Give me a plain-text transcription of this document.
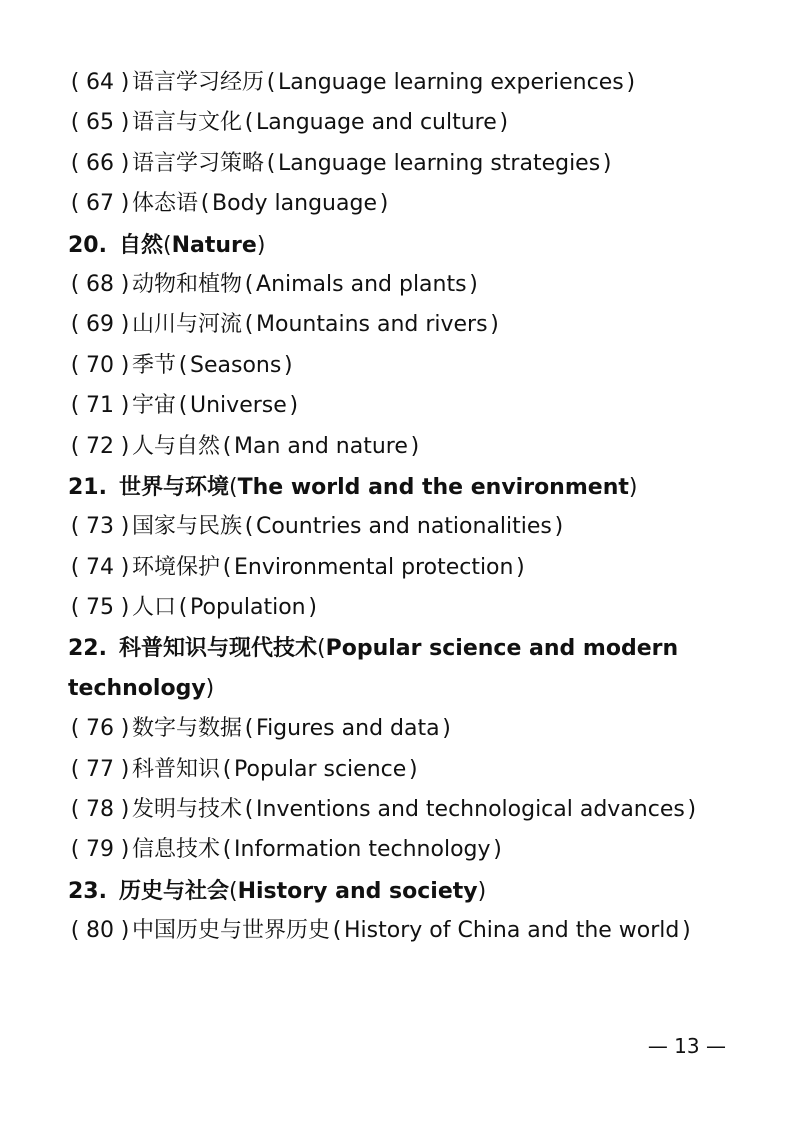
( 64 ) 语言学习经历 ( Language learning experiences )
( 65 ) 语言与文化 ( Language and culture )
( 66 ) 语言学习策略 ( Language learning strategies )
( 67 ) 体态语 ( Body language )
20. 自然(Nature)
( 68 ) 动物和植物 ( Animals and plants )
( 69 ) 山川与河流 ( Mountains and rivers )
( 70 ) 季节 ( Seasons )
( 71 ) 宇宙 ( Universe )
( 72 ) 人与自然 ( Man and nature )
21. 世界与环境(The world and the environment)
( 73 ) 国家与民族 ( Countries and nationalities )
( 74 ) 环境保护 ( Environmental protection )
( 75 ) 人口 ( Population )
22. 科普知识与现代技术(Popular science and modern
technology)
( 76 ) 数字与数据 ( Figures and data )
( 77 ) 科普知识 ( Popular science )
( 78 ) 发明与技术 ( Inventions and technological advances )
( 79 ) 信息技术 ( Information technology )
23. 历史与社会(History and society)
( 80 ) 中国历史与世界历史 ( History of China and the world )
— 13 —
